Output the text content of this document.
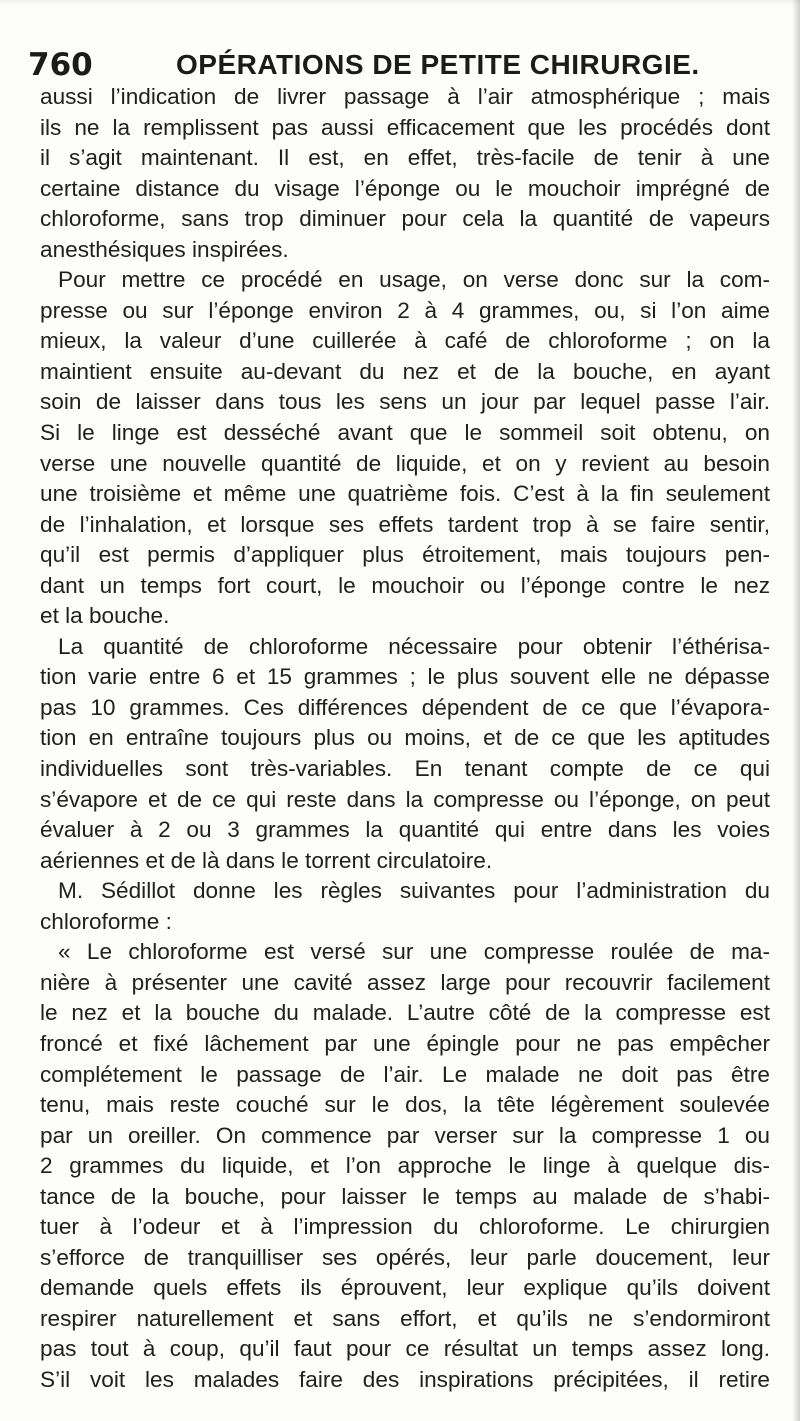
760	OPÉRATIONS DE PETITE CHIRURGIE.
aussi l’indication de livrer passage à l’air atmosphérique ; mais
ils ne la remplissent pas aussi efficacement que les procédés dont
il s’agit maintenant. Il est, en effet, très-facile de tenir à une
certaine distance du visage l’éponge ou le mouchoir imprégné de
chloroforme, sans trop diminuer pour cela la quantité de vapeurs
anesthésiques inspirées.
Pour mettre ce procédé en usage, on verse donc sur la com-
presse ou sur l’éponge environ 2 à 4 grammes, ou, si l’on aime
mieux, la valeur d’une cuillerée à café de chloroforme ; on la
maintient ensuite au-devant du nez et de la bouche, en ayant
soin de laisser dans tous les sens un jour par lequel passe l’air.
Si le linge est desséché avant que le sommeil soit obtenu, on
verse une nouvelle quantité de liquide, et on y revient au besoin
une troisième et même une quatrième fois. C’est à la fin seulement
de l’inhalation, et lorsque ses effets tardent trop à se faire sentir,
qu’il est permis d’appliquer plus étroitement, mais toujours pen-
dant un temps fort court, le mouchoir ou l’éponge contre le nez
et la bouche.
La quantité de chloroforme nécessaire pour obtenir l’éthérisa-
tion varie entre 6 et 15 grammes ; le plus souvent elle ne dépasse
pas 10 grammes. Ces différences dépendent de ce que l’évapora-
tion en entraîne toujours plus ou moins, et de ce que les aptitudes
individuelles sont très-variables. En tenant compte de ce qui
s’évapore et de ce qui reste dans la compresse ou l’éponge, on peut
évaluer à 2 ou 3 grammes la quantité qui entre dans les voies
aériennes et de là dans le torrent circulatoire.
M. Sédillot donne les règles suivantes pour l’administration du
chloroforme :
« Le chloroforme est versé sur une compresse roulée de ma-
nière à présenter une cavité assez large pour recouvrir facilement
le nez et la bouche du malade. L’autre côté de la compresse est
froncé et fixé lâchement par une épingle pour ne pas empêcher
complétement le passage de l’air. Le malade ne doit pas être
tenu, mais reste couché sur le dos, la tête légèrement soulevée
par un oreiller. On commence par verser sur la compresse 1 ou
2 grammes du liquide, et l’on approche le linge à quelque dis-
tance de la bouche, pour laisser le temps au malade de s’habi-
tuer à l’odeur et à l’impression du chloroforme. Le chirurgien
s’efforce de tranquilliser ses opérés, leur parle doucement, leur
demande quels effets ils éprouvent, leur explique qu’ils doivent
respirer naturellement et sans effort, et qu’ils ne s’endormiront
pas tout à coup, qu’il faut pour ce résultat un temps assez long.
S’il voit les malades faire des inspirations précipitées, il retire
